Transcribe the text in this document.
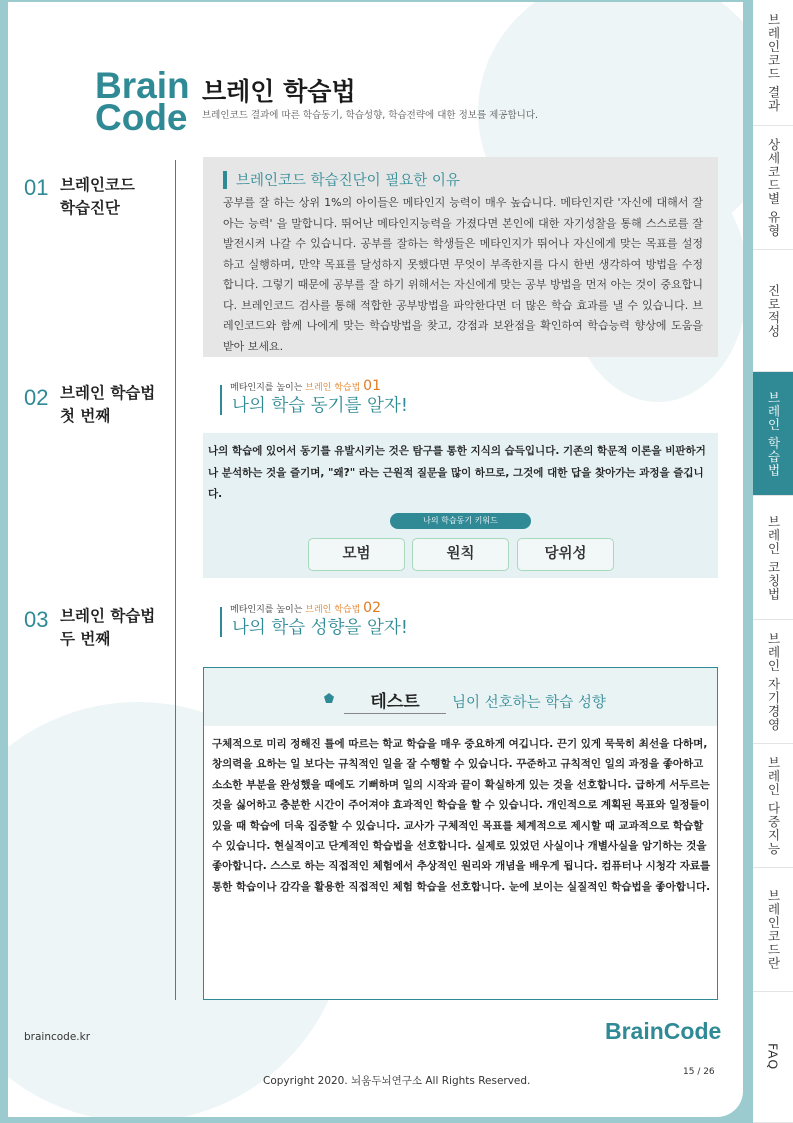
브레인코드 결과
상세코드별 유형
진로적성
브레인 학습법
브레인 코칭법
브레인 자기경영
브레인 다중지능
브레인코드란
FAQ
Brain
Code
브레인 학습법
브레인코드 결과에 따른 학습동기, 학습성향, 학습전략에 대한 정보를 제공합니다.
01 브레인코드
학습진단
02 브레인 학습법
첫 번째
03 브레인 학습법
두 번째
브레인코드 학습진단이 필요한 이유
공부를 잘 하는 상위 1%의 아이들은 메타인지 능력이 매우 높습니다. 메타인지란 '자신에 대해서 잘 아는 능력' 을 말합니다. 뛰어난 메타인지능력을 가졌다면 본인에 대한 자기성찰을 통해 스스로를 잘 발전시켜 나갈 수 있습니다. 공부를 잘하는 학생들은 메타인지가 뛰어나 자신에게 맞는 목표를 설정하고 실행하며, 만약 목표를 달성하지 못했다면 무엇이 부족한지를 다시 한번 생각하여 방법을 수정합니다. 그렇기 때문에 공부를 잘 하기 위해서는 자신에게 맞는 공부 방법을 먼저 아는 것이 중요합니다. 브레인코드 검사를 통해 적합한 공부방법을 파악한다면 더 많은 학습 효과를 낼 수 있습니다. 브레인코드와 함께 나에게 맞는 학습방법을 찾고, 강점과 보완점을 확인하여 학습능력 향상에 도움을 받아 보세요.
메타인지를 높이는 브레인 학습법 01
나의 학습 동기를 알자!
나의 학습에 있어서 동기를 유발시키는 것은 탐구를 통한 지식의 습득입니다. 기존의 학문적 이론을 비판하거나 분석하는 것을 즐기며, "왜?" 라는 근원적 질문을 많이 하므로, 그것에 대한 답을 찾아가는 과정을 즐깁니다.
나의 학습동기 키워드
모범	원칙	당위성
메타인지를 높이는 브레인 학습법 02
나의 학습 성향을 알자!
테스트	님이 선호하는 학습 성향
구체적으로 미리 정해진 틀에 따르는 학교 학습을 매우 중요하게 여깁니다. 끈기 있게 묵묵히 최선을 다하며, 창의력을 요하는 일 보다는 규칙적인 일을 잘 수행할 수 있습니다. 꾸준하고 규칙적인 일의 과정을 좋아하고 소소한 부분을 완성했을 때에도 기뻐하며 일의 시작과 끝이 확실하게 있는 것을 선호합니다. 급하게 서두르는 것을 싫어하고 충분한 시간이 주어져야 효과적인 학습을 할 수 있습니다. 개인적으로 계획된 목표와 일정들이 있을 때 학습에 더욱 집중할 수 있습니다. 교사가 구체적인 목표를 체계적으로 제시할 때 교과적으로 학습할 수 있습니다. 현실적이고 단계적인 학습법을 선호합니다. 실제로 있었던 사실이나 개별사실을 암기하는 것을 좋아합니다. 스스로 하는 직접적인 체험에서 추상적인 원리와 개념을 배우게 됩니다. 컴퓨터나 시청각 자료를 통한 학습이나 감각을 활용한 직접적인 체험 학습을 선호합니다. 눈에 보이는 실질적인 학습법을 좋아합니다.
braincode.kr	BrainCode
Copyright 2020. 뇌움두뇌연구소 All Rights Reserved.
15 / 26
